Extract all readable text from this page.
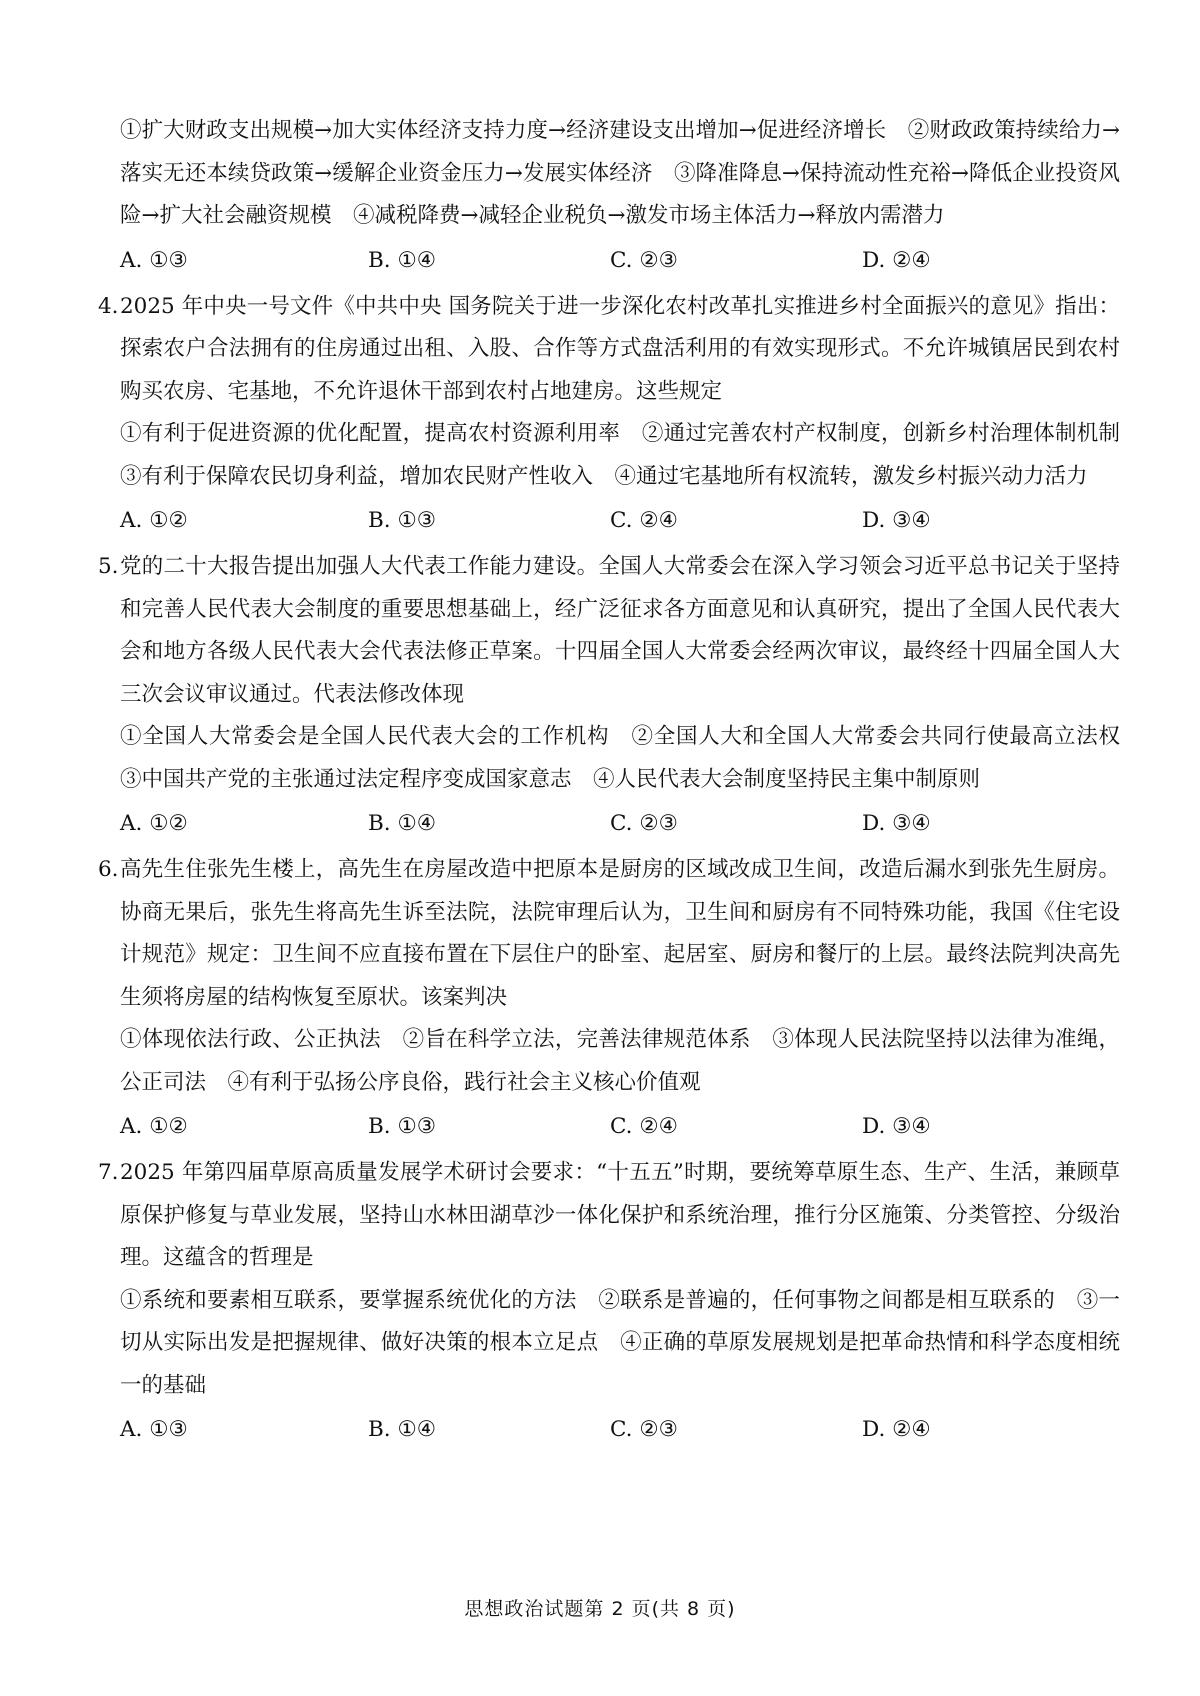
①扩大财政支出规模→加大实体经济支持力度→经济建设支出增加→促进经济增长　②财政政策持续给力→落实无还本续贷政策→缓解企业资金压力→发展实体经济　③降准降息→保持流动性充裕→降低企业投资风险→扩大社会融资规模　④减税降费→减轻企业税负→激发市场主体活力→释放内需潜力

A. ①③	B. ①④	C. ②③	D. ②④
4. 2025 年中央一号文件《中共中央 国务院关于进一步深化农村改革扎实推进乡村全面振兴的意见》指出：探索农户合法拥有的住房通过出租、入股、合作等方式盘活利用的有效实现形式。不允许城镇居民到农村购买农房、宅基地，不允许退休干部到农村占地建房。这些规定

①有利于促进资源的优化配置，提高农村资源利用率　②通过完善农村产权制度，创新乡村治理体制机制　③有利于保障农民切身利益，增加农民财产性收入　④通过宅基地所有权流转，激发乡村振兴动力活力

A. ①②	B. ①③	C. ②④	D. ③④
5. 党的二十大报告提出加强人大代表工作能力建设。全国人大常委会在深入学习领会习近平总书记关于坚持和完善人民代表大会制度的重要思想基础上，经广泛征求各方面意见和认真研究，提出了全国人民代表大会和地方各级人民代表大会代表法修正草案。十四届全国人大常委会经两次审议，最终经十四届全国人大三次会议审议通过。代表法修改体现

①全国人大常委会是全国人民代表大会的工作机构　②全国人大和全国人大常委会共同行使最高立法权　③中国共产党的主张通过法定程序变成国家意志　④人民代表大会制度坚持民主集中制原则

A. ①②	B. ①④	C. ②③	D. ③④
6. 高先生住张先生楼上，高先生在房屋改造中把原本是厨房的区域改成卫生间，改造后漏水到张先生厨房。协商无果后，张先生将高先生诉至法院，法院审理后认为，卫生间和厨房有不同特殊功能，我国《住宅设计规范》规定：卫生间不应直接布置在下层住户的卧室、起居室、厨房和餐厅的上层。最终法院判决高先生须将房屋的结构恢复至原状。该案判决

①体现依法行政、公正执法　②旨在科学立法，完善法律规范体系　③体现人民法院坚持以法律为准绳，公正司法　④有利于弘扬公序良俗，践行社会主义核心价值观

A. ①②	B. ①③	C. ②④	D. ③④
7. 2025 年第四届草原高质量发展学术研讨会要求：“十五五”时期，要统筹草原生态、生产、生活，兼顾草原保护修复与草业发展，坚持山水林田湖草沙一体化保护和系统治理，推行分区施策、分类管控、分级治理。这蕴含的哲理是

①系统和要素相互联系，要掌握系统优化的方法　②联系是普遍的，任何事物之间都是相互联系的　③一切从实际出发是把握规律、做好决策的根本立足点　④正确的草原发展规划是把革命热情和科学态度相统一的基础

A. ①③	B. ①④	C. ②③	D. ②④
思想政治试题第 2 页(共 8 页)
